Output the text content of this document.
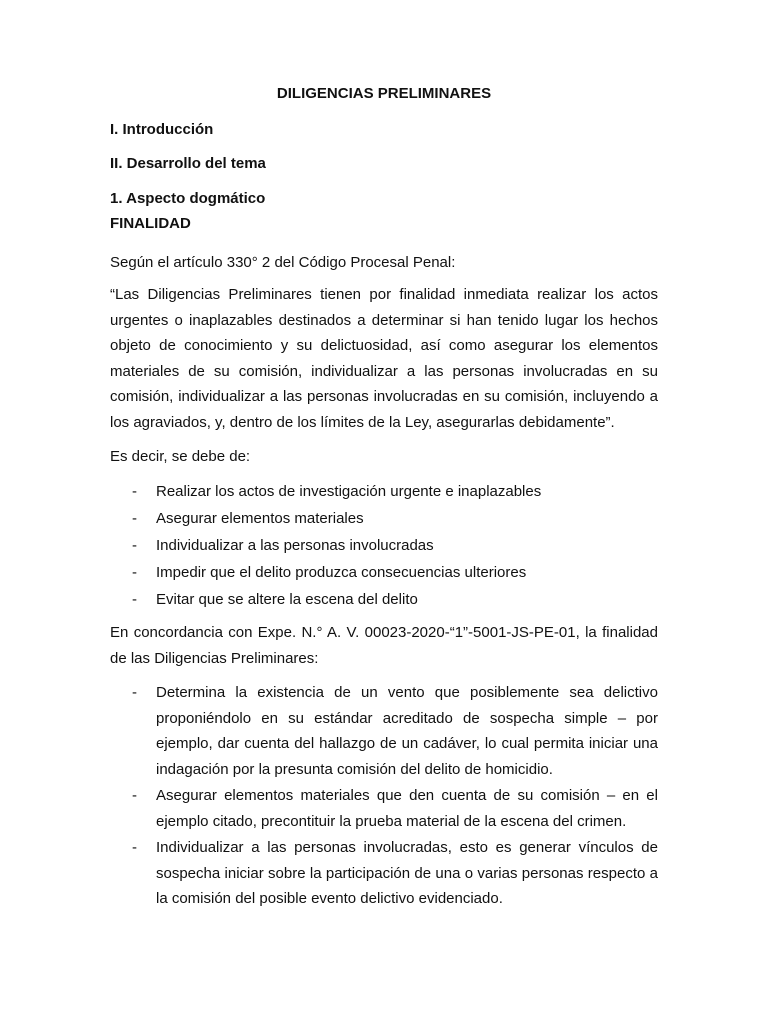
DILIGENCIAS PRELIMINARES
I. Introducción
II. Desarrollo del tema
1. Aspecto dogmático
FINALIDAD
Según el artículo 330° 2 del Código Procesal Penal:
“Las Diligencias Preliminares tienen por finalidad inmediata realizar los actos urgentes o inaplazables destinados a determinar si han tenido lugar los hechos objeto de conocimiento y su delictuosidad, así como asegurar los elementos materiales de su comisión, individualizar a las personas involucradas en su comisión, individualizar a las personas involucradas en su comisión, incluyendo a los agraviados, y, dentro de los límites de la Ley, asegurarlas debidamente”.
Es decir, se debe de:
- Realizar los actos de investigación urgente e inaplazables
- Asegurar elementos materiales
- Individualizar a las personas involucradas
- Impedir que el delito produzca consecuencias ulteriores
- Evitar que se altere la escena del delito
En concordancia con Expe. N.° A. V. 00023-2020-“1”-5001-JS-PE-01, la finalidad de las Diligencias Preliminares:
- Determina la existencia de un vento que posiblemente sea delictivo proponiéndolo en su estándar acreditado de sospecha simple – por ejemplo, dar cuenta del hallazgo de un cadáver, lo cual permita iniciar una indagación por la presunta comisión del delito de homicidio.
- Asegurar elementos materiales que den cuenta de su comisión – en el ejemplo citado, precontituir la prueba material de la escena del crimen.
- Individualizar a las personas involucradas, esto es generar vínculos de sospecha iniciar sobre la participación de una o varias personas respecto a la comisión del posible evento delictivo evidenciado.
